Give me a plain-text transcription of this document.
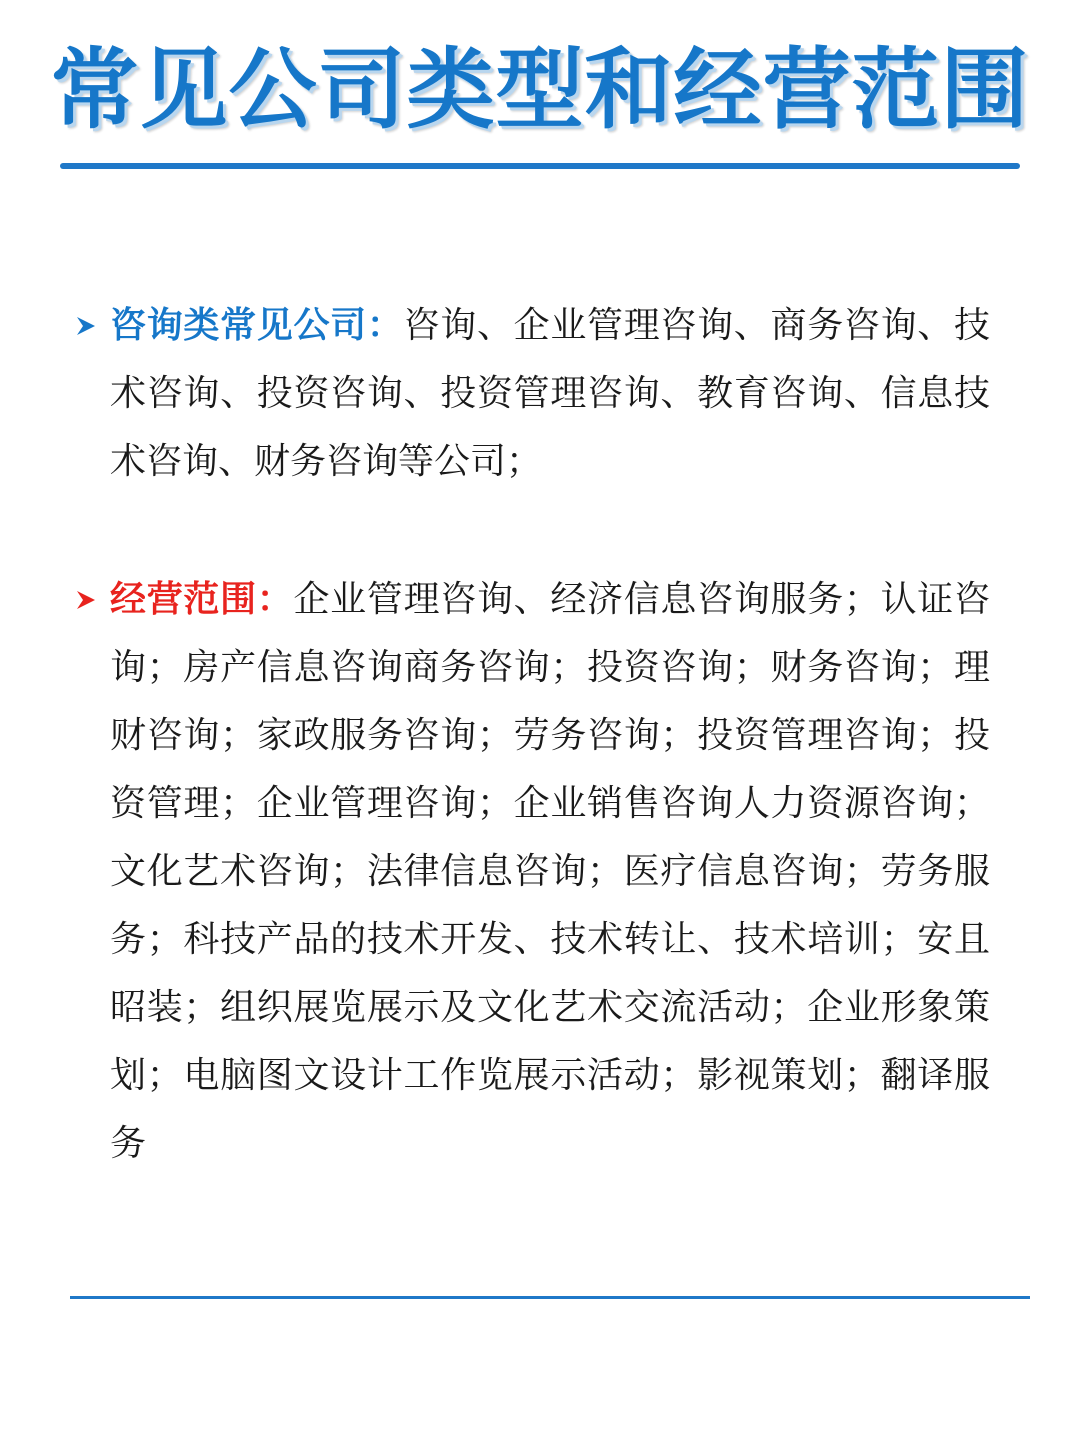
常见公司类型和经营范围
咨询类常见公司：咨询、企业管理咨询、商务咨询、技术咨询、投资咨询、投资管理咨询、教育咨询、信息技术咨询、财务咨询等公司；
经营范围：企业管理咨询、经济信息咨询服务；认证咨询；房产信息咨询商务咨询；投资咨询；财务咨询；理财咨询；家政服务咨询；劳务咨询；投资管理咨询；投资管理；企业管理咨询；企业销售咨询人力资源咨询；文化艺术咨询；法律信息咨询；医疗信息咨询；劳务服务；科技产品的技术开发、技术转让、技术培训；安且昭装；组织展览展示及文化艺术交流活动；企业形象策划；电脑图文设计工作览展示活动；影视策划；翻译服务
